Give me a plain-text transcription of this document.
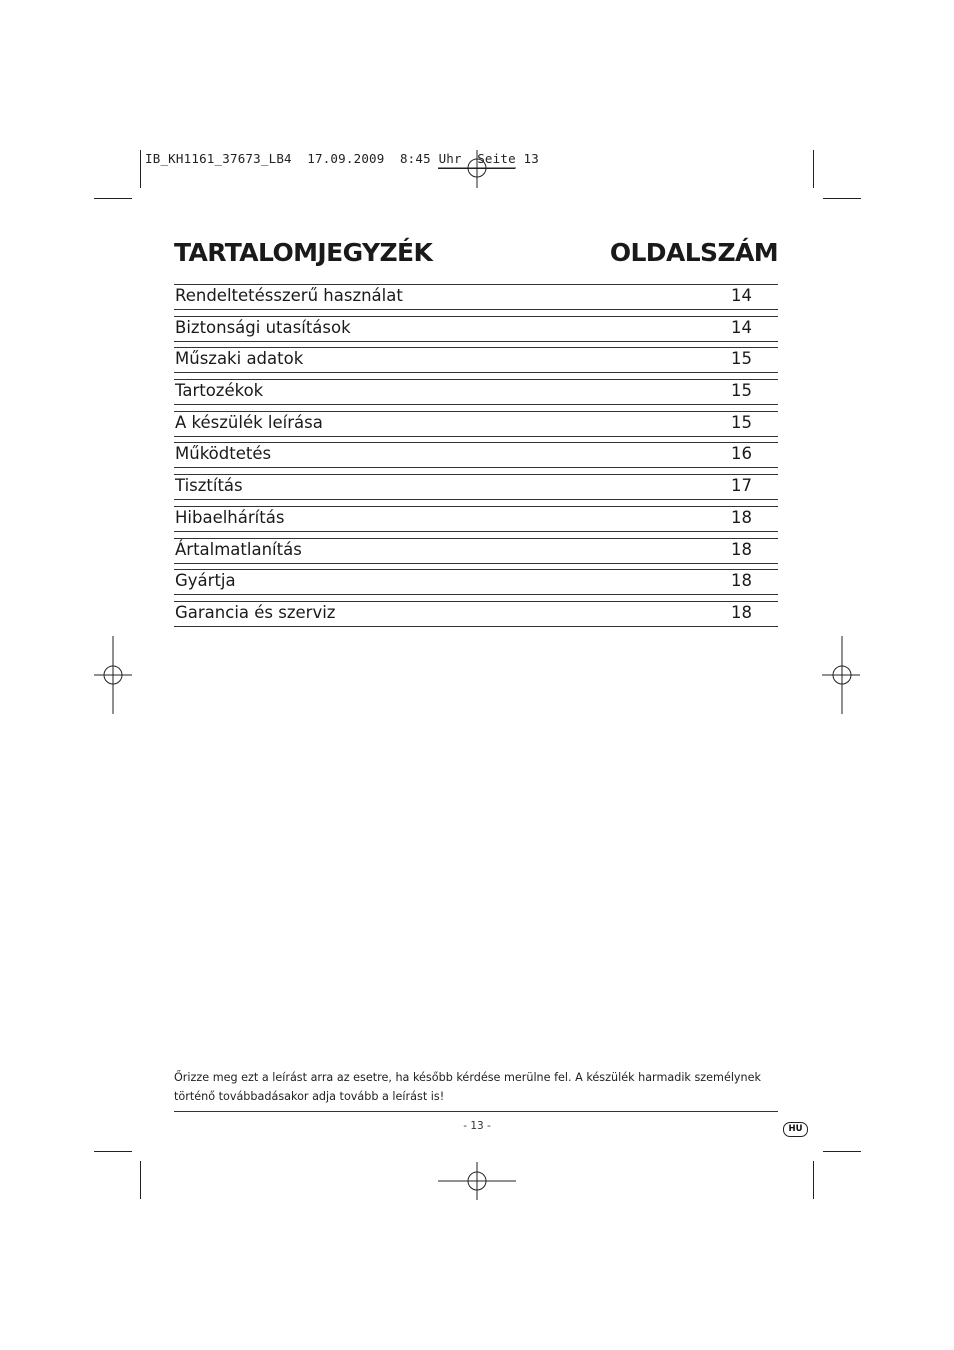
IB_KH1161_37673_LB4  17.09.2009  8:45 Uhr  Seite 13
TARTALOMJEGYZÉK	OLDALSZÁM
Rendeltetésszerű használat	14
Biztonsági utasítások	14
Műszaki adatok	15
Tartozékok	15
A készülék leírása	15
Működtetés	16
Tisztítás	17
Hibaelhárítás	18
Ártalmatlanítás	18
Gyártja	18
Garancia és szerviz	18
Őrizze meg ezt a leírást arra az esetre, ha később kérdése merülne fel. A készülék harmadik személynek történő továbbadásakor adja tovább a leírást is!
- 13 -	HU
